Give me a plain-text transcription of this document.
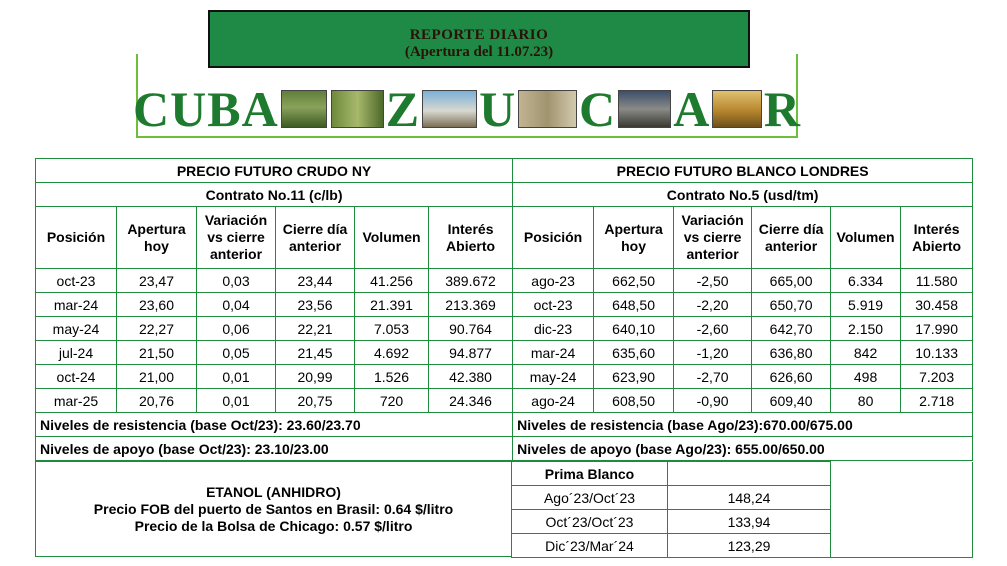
REPORTE DIARIO
(Apertura del 11.07.23)
CUBA Z U C A R
PRECIO FUTURO CRUDO NY						PRECIO FUTURO BLANCO LONDRES					
Contrato No.11 (c/lb)						Contrato No.5 (usd/tm)					
Posición	Apertura hoy	Variación vs cierre anterior	Cierre día anterior	Volumen	Interés Abierto	Posición	Apertura hoy	Variación vs cierre anterior	Cierre día anterior	Volumen	Interés Abierto
oct-23	23,47	0,03	23,44	41.256	389.672	ago-23	662,50	-2,50	665,00	6.334	11.580
mar-24	23,60	0,04	23,56	21.391	213.369	oct-23	648,50	-2,20	650,70	5.919	30.458
may-24	22,27	0,06	22,21	7.053	90.764	dic-23	640,10	-2,60	642,70	2.150	17.990
jul-24	21,50	0,05	21,45	4.692	94.877	mar-24	635,60	-1,20	636,80	842	10.133
oct-24	21,00	0,01	20,99	1.526	42.380	may-24	623,90	-2,70	626,60	498	7.203
mar-25	20,76	0,01	20,75	720	24.346	ago-24	608,50	-0,90	609,40	80	2.718
Niveles de resistencia (base Oct/23): 23.60/23.70						Niveles de resistencia (base Ago/23):670.00/675.00					
Niveles de apoyo (base Oct/23): 23.10/23.00						Niveles de apoyo (base Ago/23): 655.00/650.00					
ETANOL (ANHIDRO)
Precio FOB del puerto de Santos en Brasil: 0.64 $/litro
Precio de la Bolsa de Chicago: 0.57 $/litro
Prima Blanco		
Ago´23/Oct´23	148,24	
Oct´23/Oct´23	133,94	
Dic´23/Mar´24	123,29	
